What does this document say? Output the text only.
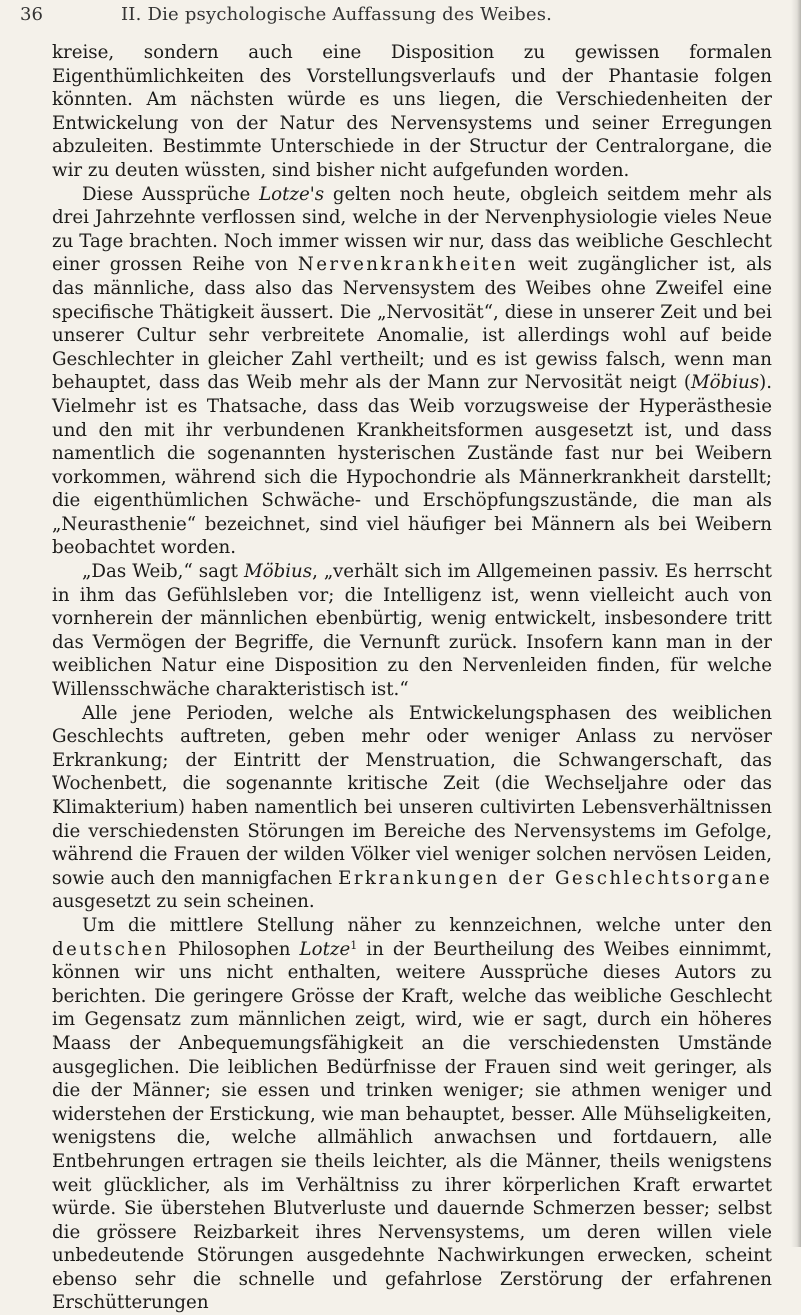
36	II. Die psychologische Auffassung des Weibes.

kreise, sondern auch eine Disposition zu gewissen formalen Eigenthümlichkeiten des Vorstellungsverlaufs und der Phantasie folgen könnten. Am nächsten würde es uns liegen, die Verschiedenheiten der Entwickelung von der Natur des Nervensystems und seiner Erregungen abzuleiten. Bestimmte Unterschiede in der Structur der Centralorgane, die wir zu deuten wüssten, sind bisher nicht aufgefunden worden.

Diese Aussprüche Lotze's gelten noch heute, obgleich seitdem mehr als drei Jahrzehnte verflossen sind, welche in der Nervenphysiologie vieles Neue zu Tage brachten. Noch immer wissen wir nur, dass das weibliche Geschlecht einer grossen Reihe von Nervenkrankheiten weit zugänglicher ist, als das männliche, dass also das Nervensystem des Weibes ohne Zweifel eine specifische Thätigkeit äussert. Die „Nervosität“, diese in unserer Zeit und bei unserer Cultur sehr verbreitete Anomalie, ist allerdings wohl auf beide Geschlechter in gleicher Zahl vertheilt; und es ist gewiss falsch, wenn man behauptet, dass das Weib mehr als der Mann zur Nervosität neigt (Möbius). Vielmehr ist es Thatsache, dass das Weib vorzugsweise der Hyperästhesie und den mit ihr verbundenen Krankheitsformen ausgesetzt ist, und dass namentlich die sogenannten hysterischen Zustände fast nur bei Weibern vorkommen, während sich die Hypochondrie als Männerkrankheit darstellt; die eigenthümlichen Schwäche- und Erschöpfungszustände, die man als „Neurasthenie“ bezeichnet, sind viel häufiger bei Männern als bei Weibern beobachtet worden.

„Das Weib,“ sagt Möbius, „verhält sich im Allgemeinen passiv. Es herrscht in ihm das Gefühlsleben vor; die Intelligenz ist, wenn vielleicht auch von vornherein der männlichen ebenbürtig, wenig entwickelt, insbesondere tritt das Vermögen der Begriffe, die Vernunft zurück. Insofern kann man in der weiblichen Natur eine Disposition zu den Nervenleiden finden, für welche Willensschwäche charakteristisch ist.“

Alle jene Perioden, welche als Entwickelungsphasen des weiblichen Geschlechts auftreten, geben mehr oder weniger Anlass zu nervöser Erkrankung; der Eintritt der Menstruation, die Schwangerschaft, das Wochenbett, die sogenannte kritische Zeit (die Wechseljahre oder das Klimakterium) haben namentlich bei unseren cultivirten Lebensverhältnissen die verschiedensten Störungen im Bereiche des Nervensystems im Gefolge, während die Frauen der wilden Völker viel weniger solchen nervösen Leiden, sowie auch den mannigfachen Erkrankungen der Geschlechtsorgane ausgesetzt zu sein scheinen.

Um die mittlere Stellung näher zu kennzeichnen, welche unter den deutschen Philosophen Lotze$^1$ in der Beurtheilung des Weibes einnimmt, können wir uns nicht enthalten, weitere Aussprüche dieses Autors zu berichten. Die geringere Grösse der Kraft, welche das weibliche Geschlecht im Gegensatz zum männlichen zeigt, wird, wie er sagt, durch ein höheres Maass der Anbequemungsfähigkeit an die verschiedensten Umstände ausgeglichen. Die leiblichen Bedürfnisse der Frauen sind weit geringer, als die der Männer; sie essen und trinken weniger; sie athmen weniger und widerstehen der Erstickung, wie man behauptet, besser. Alle Mühseligkeiten, wenigstens die, welche allmählich anwachsen und fortdauern, alle Entbehrungen ertragen sie theils leichter, als die Männer, theils wenigstens weit glücklicher, als im Verhältniss zu ihrer körperlichen Kraft erwartet würde. Sie überstehen Blutverluste und dauernde Schmerzen besser; selbst die grössere Reizbarkeit ihres Nervensystems, um deren willen viele unbedeutende Störungen ausgedehnte Nachwirkungen erwecken, scheint ebenso sehr die schnelle und gefahrlose Zerstörung der erfahrenen Erschütterungen
